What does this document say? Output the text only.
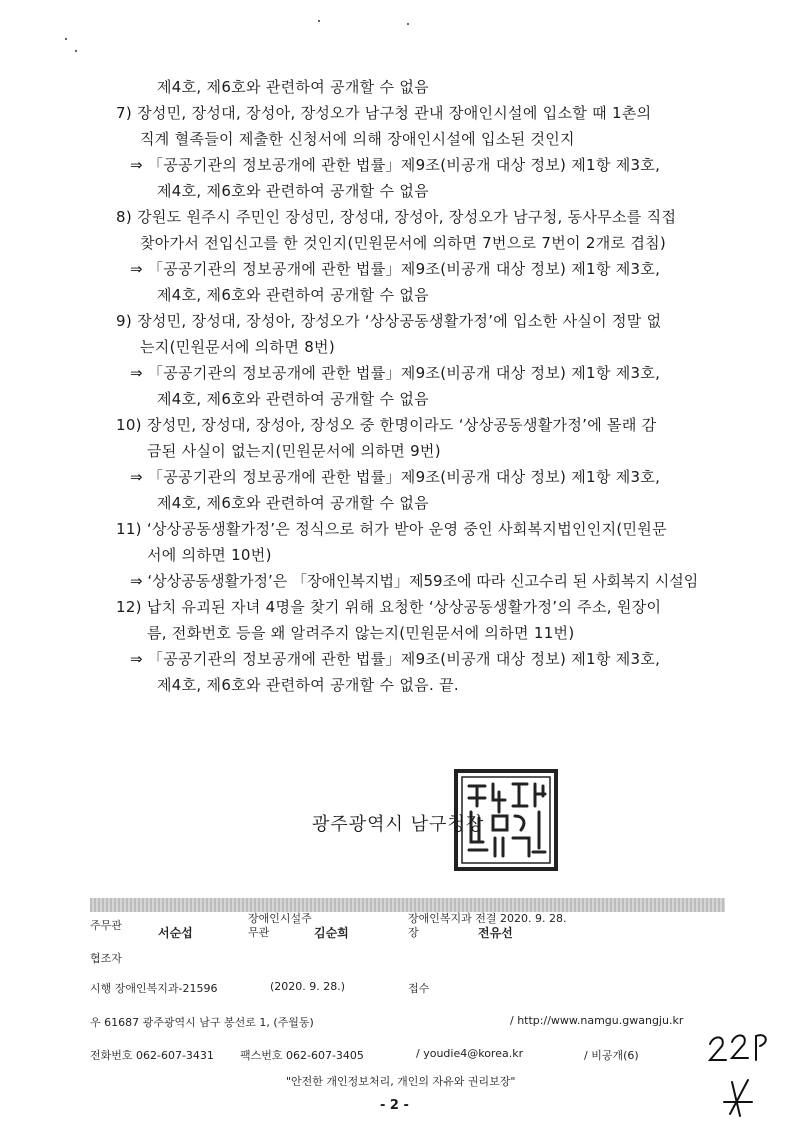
제4호, 제6호와 관련하여 공개할 수 없음
7) 장성민, 장성대, 장성아, 장성오가 남구청 관내 장애인시설에 입소할 때 1촌의
직계 혈족들이 제출한 신청서에 의해 장애인시설에 입소된 것인지
⇒ 「공공기관의 정보공개에 관한 법률」제9조(비공개 대상 정보) 제1항 제3호,
제4호, 제6호와 관련하여 공개할 수 없음
8) 강원도 원주시 주민인 장성민, 장성대, 장성아, 장성오가 남구청, 동사무소를 직접
찾아가서 전입신고를 한 것인지(민원문서에 의하면 7번으로 7번이 2개로 겹침)
⇒ 「공공기관의 정보공개에 관한 법률」제9조(비공개 대상 정보) 제1항 제3호,
제4호, 제6호와 관련하여 공개할 수 없음
9) 장성민, 장성대, 장성아, 장성오가 ‘상상공동생활가정’에 입소한 사실이 정말 없
는지(민원문서에 의하면 8번)
⇒ 「공공기관의 정보공개에 관한 법률」제9조(비공개 대상 정보) 제1항 제3호,
제4호, 제6호와 관련하여 공개할 수 없음
10) 장성민, 장성대, 장성아, 장성오 중 한명이라도 ‘상상공동생활가정’에 몰래 감
금된 사실이 없는지(민원문서에 의하면 9번)
⇒ 「공공기관의 정보공개에 관한 법률」제9조(비공개 대상 정보) 제1항 제3호,
제4호, 제6호와 관련하여 공개할 수 없음
11) ‘상상공동생활가정’은 정식으로 허가 받아 운영 중인 사회복지법인인지(민원문
서에 의하면 10번)
⇒ ‘상상공동생활가정’은 「장애인복지법」제59조에 따라 신고수리 된 사회복지 시설임
12) 납치 유괴된 자녀 4명을 찾기 위해 요청한 ‘상상공동생활가정’의 주소, 원장이
름, 전화번호 등을 왜 알려주지 않는지(민원문서에 의하면 11번)
⇒ 「공공기관의 정보공개에 관한 법률」제9조(비공개 대상 정보) 제1항 제3호,
제4호, 제6호와 관련하여 공개할 수 없음. 끝.
광주광역시 남구청장
주무관
서순섭
장애인시설주
무관	김순희
장애인복지과 전결 2020. 9. 28.
장	전유선
협조자
시행 장애인복지과-21596	(2020. 9. 28.)	접수
우 61687 광주광역시 남구 봉선로 1, (주월동)	/ http://www.namgu.gwangju.kr
전화번호 062-607-3431 팩스번호 062-607-3405	/ youdie4@korea.kr	/ 비공개(6)
"안전한 개인정보처리, 개인의 자유와 권리보장"
- 2 -
